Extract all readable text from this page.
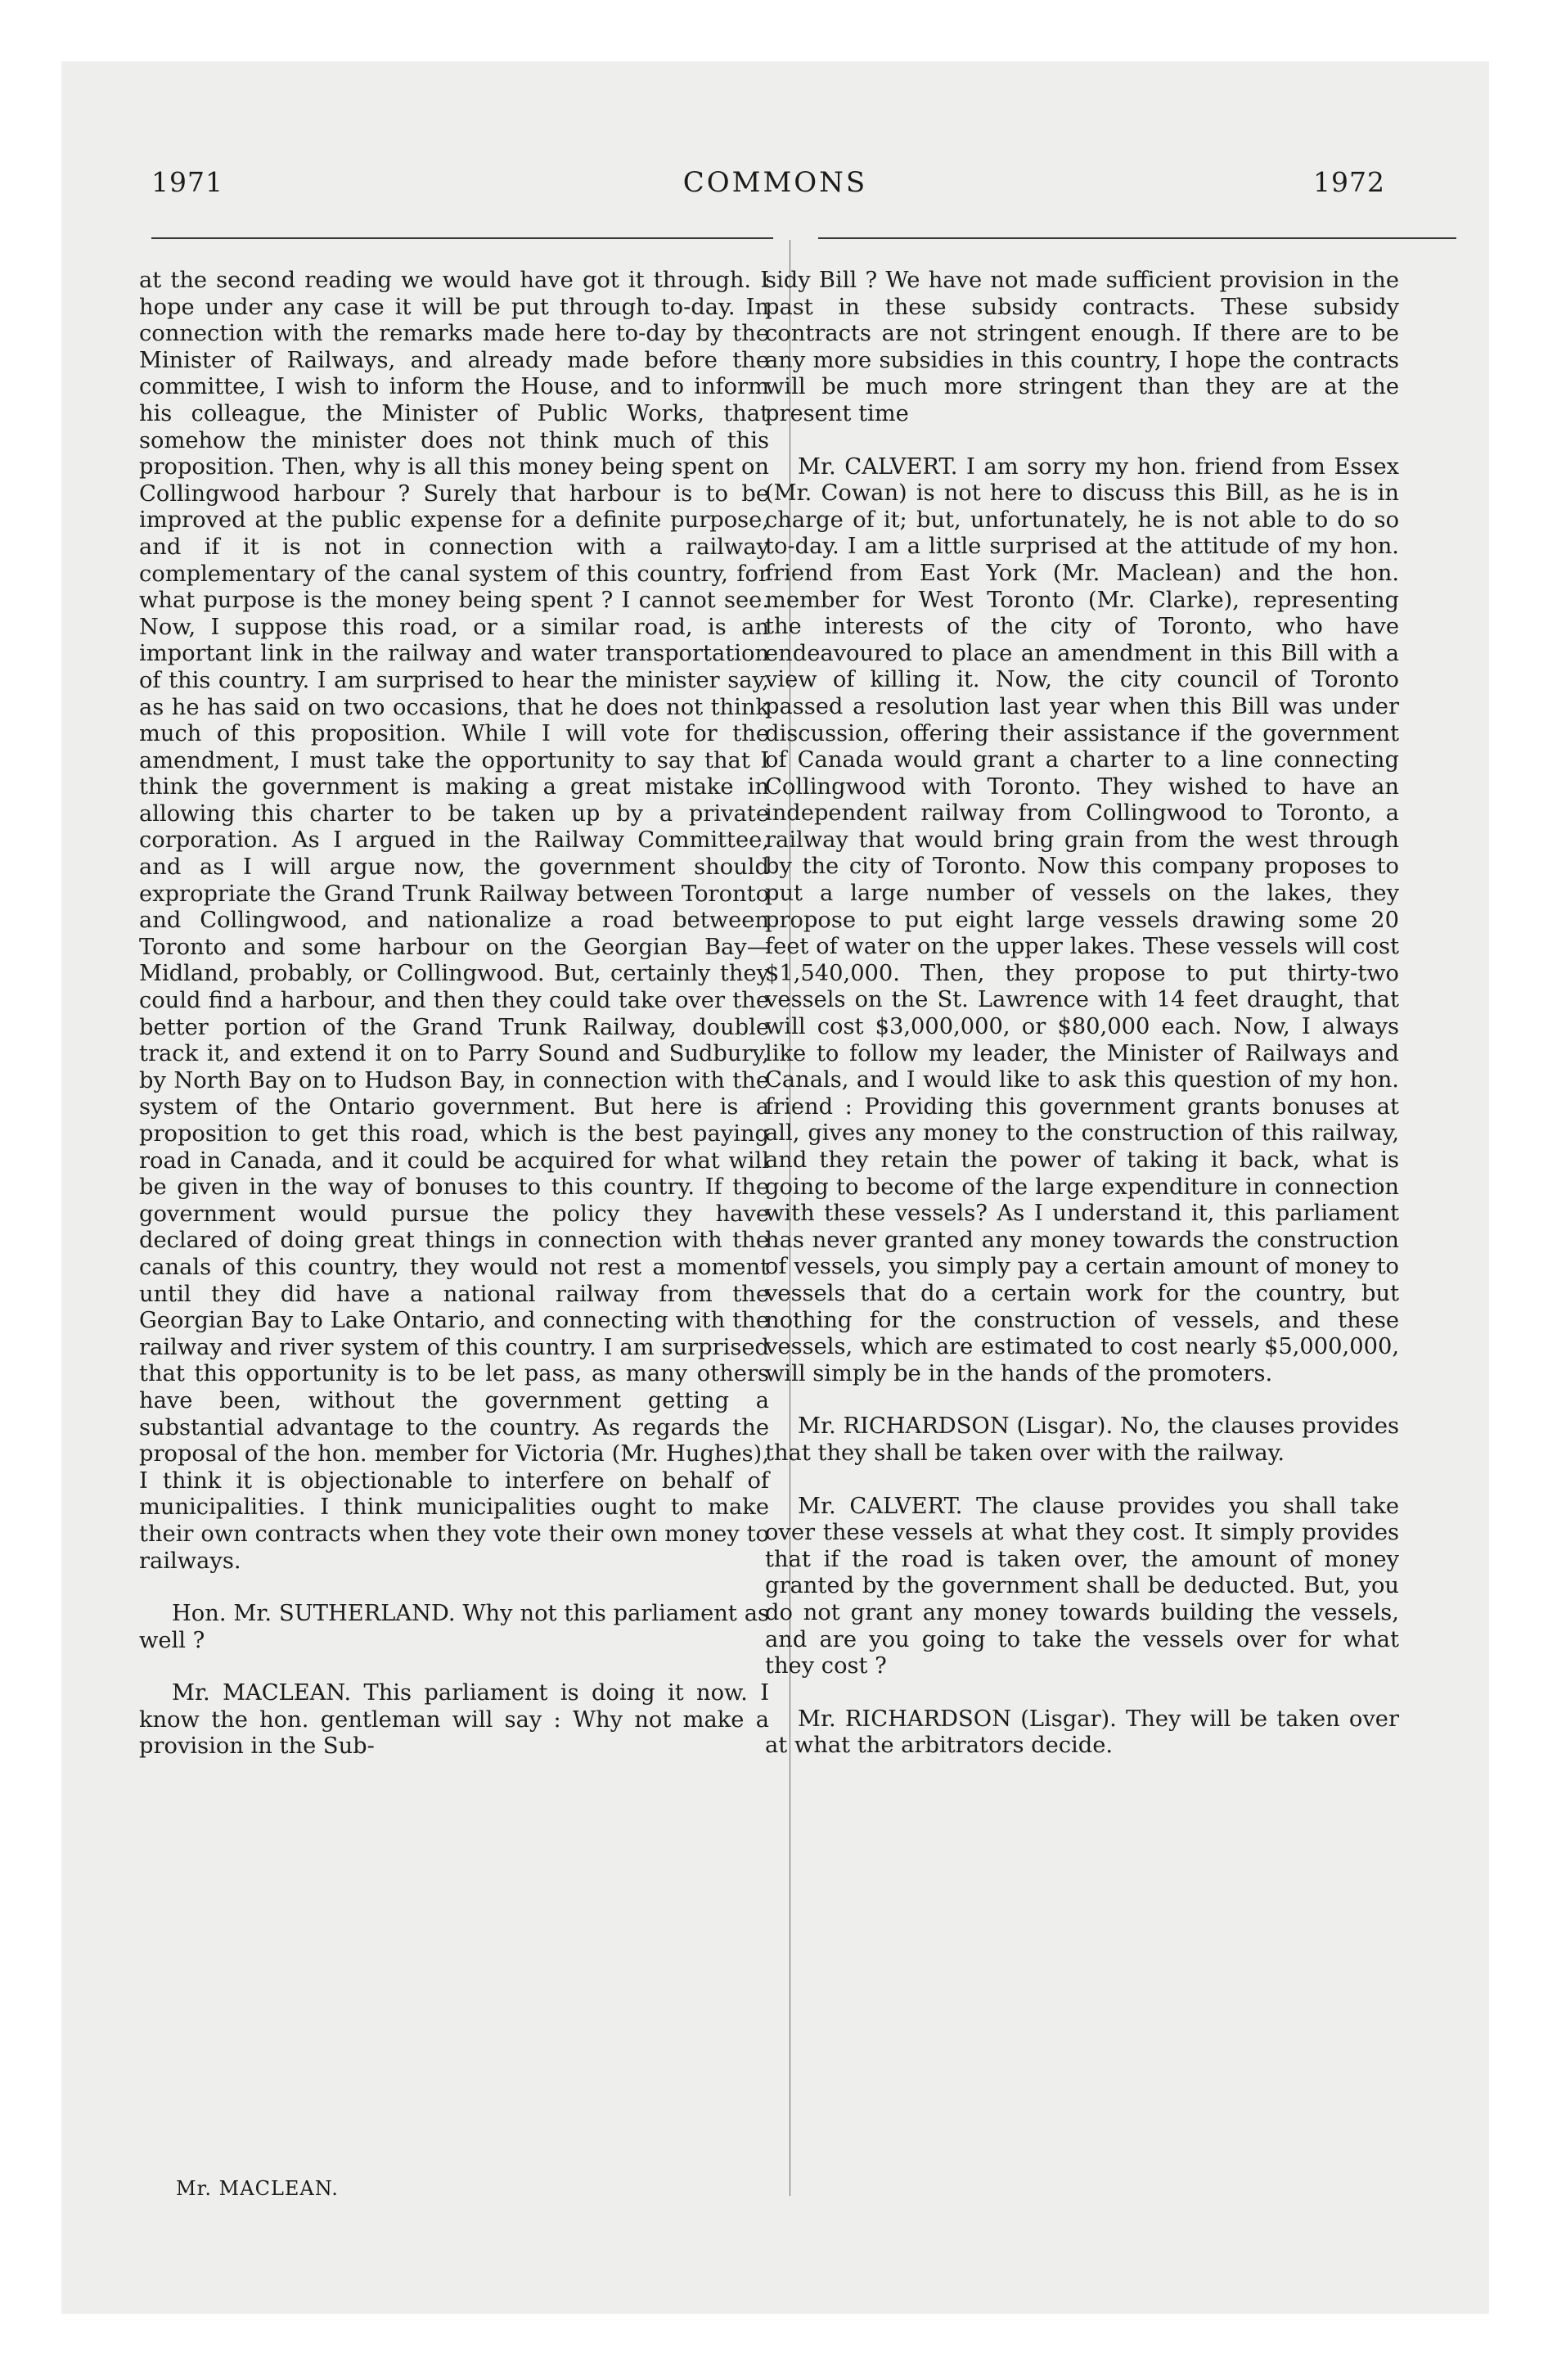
1971	COMMONS	1972

at the second reading we would have got it through. I hope under any case it will be put through to-day. In connection with the remarks made here to-day by the Minister of Railways, and already made before the committee, I wish to inform the House, and to inform his colleague, the Minister of Public Works, that somehow the minister does not think much of this proposition. Then, why is all this money being spent on Collingwood harbour ? Surely that harbour is to be improved at the public expense for a definite purpose, and if it is not in connection with a railway complementary of the canal system of this country, for what purpose is the money being spent ? I cannot see. Now, I suppose this road, or a similar road, is an important link in the railway and water transportation of this country. I am surprised to hear the minister say, as he has said on two occasions, that he does not think much of this proposition. While I will vote for the amendment, I must take the opportunity to say that I think the government is making a great mistake in allowing this charter to be taken up by a private corporation. As I argued in the Railway Committee, and as I will argue now, the government should expropriate the Grand Trunk Railway between Toronto and Collingwood, and nationalize a road between Toronto and some harbour on the Georgian Bay—Midland, probably, or Collingwood. But, certainly they could find a harbour, and then they could take over the better portion of the Grand Trunk Railway, double track it, and extend it on to Parry Sound and Sudbury, by North Bay on to Hudson Bay, in connection with the system of the Ontario government. But here is a proposition to get this road, which is the best paying road in Canada, and it could be acquired for what will be given in the way of bonuses to this country. If the government would pursue the policy they have declared of doing great things in connection with the canals of this country, they would not rest a moment until they did have a national railway from the Georgian Bay to Lake Ontario, and connecting with the railway and river system of this country. I am surprised that this opportunity is to be let pass, as many others have been, without the government getting a substantial advantage to the country. As regards the proposal of the hon. member for Victoria (Mr. Hughes), I think it is objectionable to interfere on behalf of municipalities. I think municipalities ought to make their own contracts when they vote their own money to railways.

Hon. Mr. SUTHERLAND. Why not this parliament as well ?

Mr. MACLEAN. This parliament is doing it now. I know the hon. gentleman will say : Why not make a provision in the Sub-

sidy Bill ? We have not made sufficient provision in the past in these subsidy contracts. These subsidy contracts are not stringent enough. If there are to be any more subsidies in this country, I hope the contracts will be much more stringent than they are at the present time

Mr. CALVERT. I am sorry my hon. friend from Essex (Mr. Cowan) is not here to discuss this Bill, as he is in charge of it; but, unfortunately, he is not able to do so to-day. I am a little surprised at the attitude of my hon. friend from East York (Mr. Maclean) and the hon. member for West Toronto (Mr. Clarke), representing the interests of the city of Toronto, who have endeavoured to place an amendment in this Bill with a view of killing it. Now, the city council of Toronto passed a resolution last year when this Bill was under discussion, offering their assistance if the government of Canada would grant a charter to a line connecting Collingwood with Toronto. They wished to have an independent railway from Collingwood to Toronto, a railway that would bring grain from the west through by the city of Toronto. Now this company proposes to put a large number of vessels on the lakes, they propose to put eight large vessels drawing some 20 feet of water on the upper lakes. These vessels will cost $1,540,000. Then, they propose to put thirty-two vessels on the St. Lawrence with 14 feet draught, that will cost $3,000,000, or $80,000 each. Now, I always like to follow my leader, the Minister of Railways and Canals, and I would like to ask this question of my hon. friend : Providing this government grants bonuses at all, gives any money to the construction of this railway, and they retain the power of taking it back, what is going to become of the large expenditure in connection with these vessels? As I understand it, this parliament has never granted any money towards the construction of vessels, you simply pay a certain amount of money to vessels that do a certain work for the country, but nothing for the construction of vessels, and these vessels, which are estimated to cost nearly $5,000,000, will simply be in the hands of the promoters.

Mr. RICHARDSON (Lisgar). No, the clauses provides that they shall be taken over with the railway.

Mr. CALVERT. The clause provides you shall take over these vessels at what they cost. It simply provides that if the road is taken over, the amount of money granted by the government shall be deducted. But, you do not grant any money towards building the vessels, and are you going to take the vessels over for what they cost ?

Mr. RICHARDSON (Lisgar). They will be taken over at what the arbitrators decide.

Mr. MACLEAN.
